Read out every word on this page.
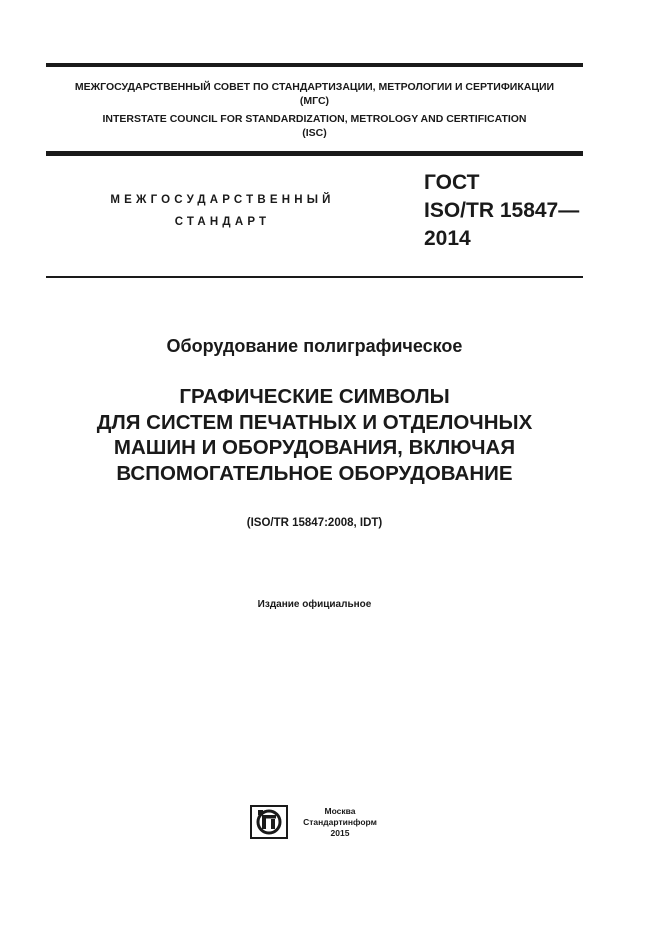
МЕЖГОСУДАРСТВЕННЫЙ СОВЕТ ПО СТАНДАРТИЗАЦИИ, МЕТРОЛОГИИ И СЕРТИФИКАЦИИ
(МГС)
INTERSTATE COUNCIL FOR STANDARDIZATION, METROLOGY AND CERTIFICATION
(ISC)
МЕЖГОСУДАРСТВЕННЫЙ
СТАНДАРТ
ГОСТ
ISO/TR 15847—
2014
Оборудование полиграфическое
ГРАФИЧЕСКИЕ СИМВОЛЫ
ДЛЯ СИСТЕМ ПЕЧАТНЫХ И ОТДЕЛОЧНЫХ
МАШИН И ОБОРУДОВАНИЯ, ВКЛЮЧАЯ
ВСПОМОГАТЕЛЬНОЕ ОБОРУДОВАНИЕ
(ISO/TR 15847:2008, IDT)
Издание официальное
Москва
Стандартинформ
2015
